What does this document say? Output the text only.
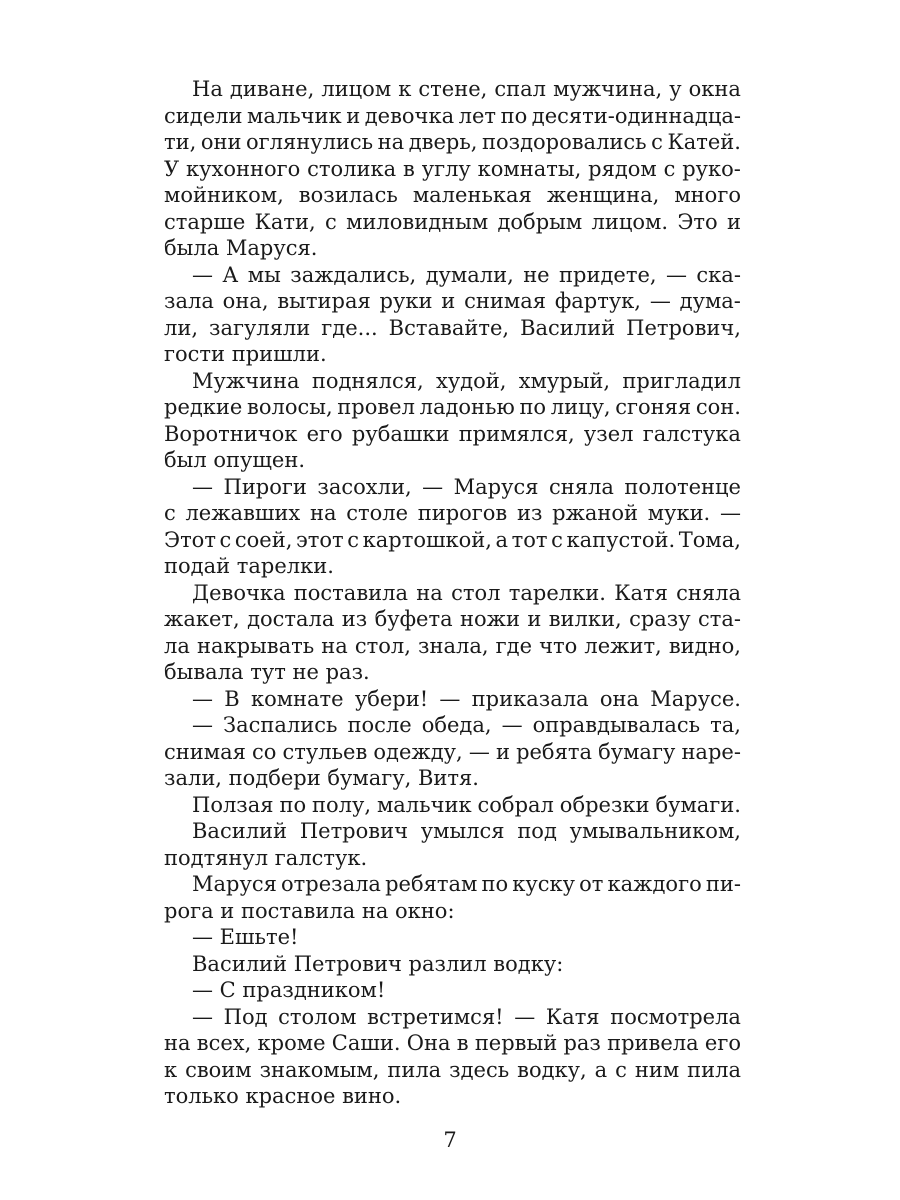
На диване, лицом к стене, спал мужчина, у окна
сидели мальчик и девочка лет по десяти-одиннадца-
ти, они оглянулись на дверь, поздоровались с Катей.
У кухонного столика в углу комнаты, рядом с руко-
мойником, возилась маленькая женщина, много
старше Кати, с миловидным добрым лицом. Это и
была Маруся.
— А мы заждались, думали, не придете, — ска-
зала она, вытирая руки и снимая фартук, — дума-
ли, загуляли где... Вставайте, Василий Петрович,
гости пришли.
Мужчина поднялся, худой, хмурый, пригладил
редкие волосы, провел ладонью по лицу, сгоняя сон.
Воротничок его рубашки примялся, узел галстука
был опущен.
— Пироги засохли, — Маруся сняла полотенце
с лежавших на столе пирогов из ржаной муки. —
Этот с соей, этот с картошкой, а тот с капустой. Тома,
подай тарелки.
Девочка поставила на стол тарелки. Катя сняла
жакет, достала из буфета ножи и вилки, сразу ста-
ла накрывать на стол, знала, где что лежит, видно,
бывала тут не раз.
— В комнате убери! — приказала она Марусе.
— Заспались после обеда, — оправдывалась та,
снимая со стульев одежду, — и ребята бумагу наре-
зали, подбери бумагу, Витя.
Ползая по полу, мальчик собрал обрезки бумаги.
Василий Петрович умылся под умывальником,
подтянул галстук.
Маруся отрезала ребятам по куску от каждого пи-
рога и поставила на окно:
— Ешьте!
Василий Петрович разлил водку:
— С праздником!
— Под столом встретимся! — Катя посмотрела
на всех, кроме Саши. Она в первый раз привела его
к своим знакомым, пила здесь водку, а с ним пила
только красное вино.
7
